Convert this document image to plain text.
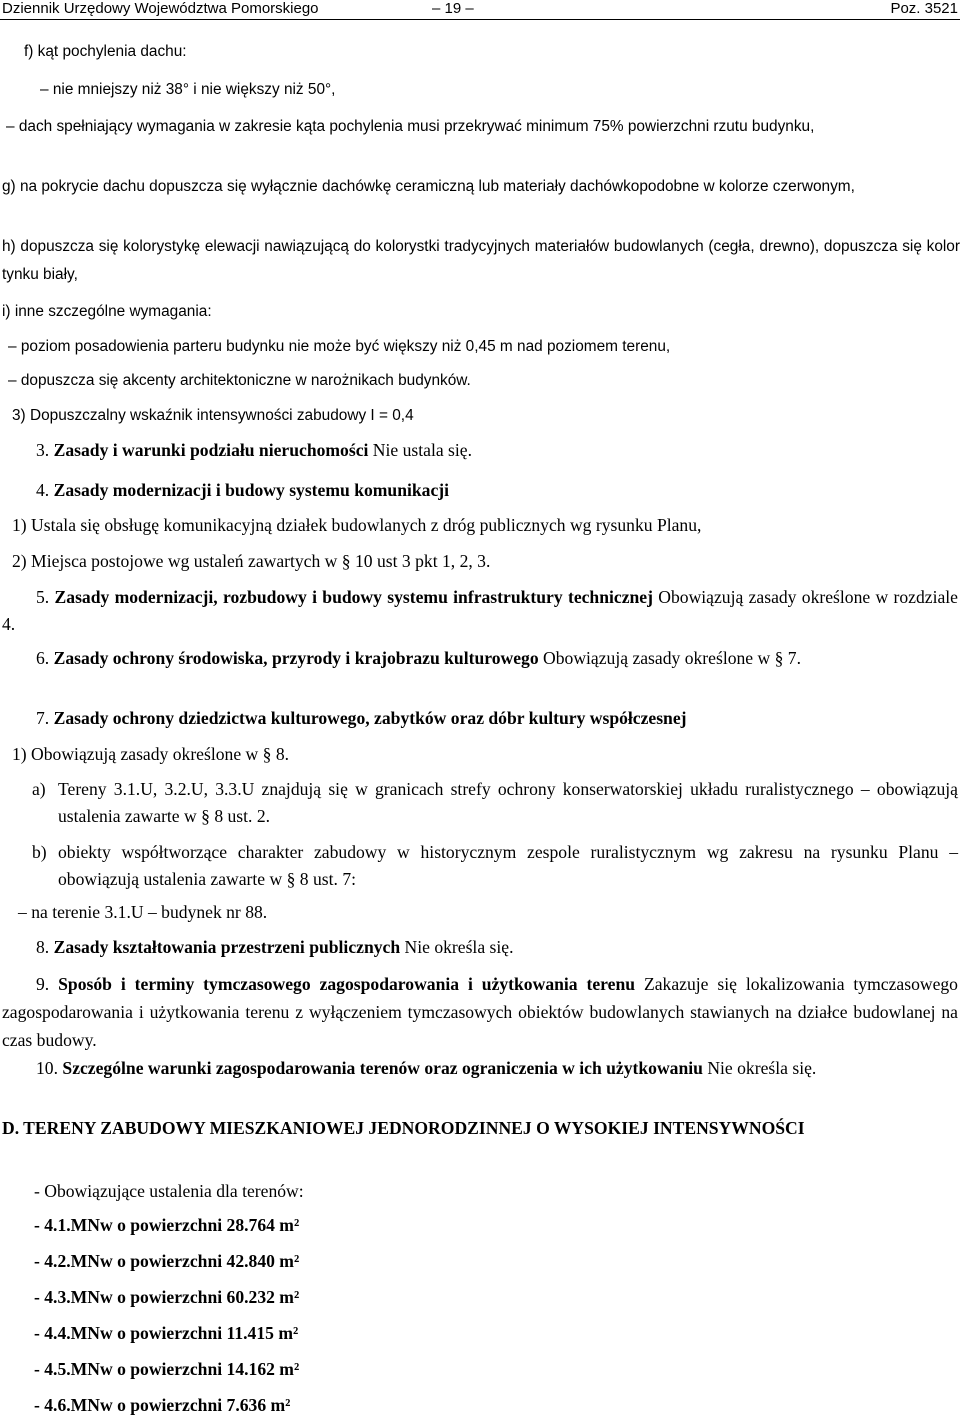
Dziennik Urzędowy Województwa Pomorskiego	– 19 –	Poz. 3521
f) kąt pochylenia dachu:
– nie mniejszy niż 38° i nie większy niż 50°,
– dach spełniający wymagania w zakresie kąta pochylenia musi przekrywać minimum 75% powierzchni rzutu budynku,
g) na pokrycie dachu dopuszcza się wyłącznie dachówkę ceramiczną lub materiały dachówkopodobne w kolorze czerwonym,
h) dopuszcza się kolorystykę elewacji nawiązującą do kolorystki tradycyjnych materiałów budowlanych (cegła, drewno), dopuszcza się kolor tynku biały,
i) inne szczególne wymagania:
– poziom posadowienia parteru budynku nie może być większy niż 0,45 m nad poziomem terenu,
– dopuszcza się akcenty architektoniczne w narożnikach budynków.
3) Dopuszczalny wskaźnik intensywności zabudowy I = 0,4
3. Zasady i warunki podziału nieruchomości Nie ustala się.
4. Zasady modernizacji i budowy systemu komunikacji
1) Ustala się obsługę komunikacyjną działek budowlanych z dróg publicznych wg rysunku Planu,
2) Miejsca postojowe wg ustaleń zawartych w § 10 ust 3 pkt 1, 2, 3.
5. Zasady modernizacji, rozbudowy i budowy systemu infrastruktury technicznej Obowiązują zasady określone w rozdziale 4.
6. Zasady ochrony środowiska, przyrody i krajobrazu kulturowego Obowiązują zasady określone w § 7.
7. Zasady ochrony dziedzictwa kulturowego, zabytków oraz dóbr kultury współczesnej
1) Obowiązują zasady określone w § 8.
a) Tereny 3.1.U, 3.2.U, 3.3.U znajdują się w granicach strefy ochrony konserwatorskiej układu ruralistycznego – obowiązują ustalenia zawarte w § 8 ust. 2.
b) obiekty współtworzące charakter zabudowy w historycznym zespole ruralistycznym wg zakresu na rysunku Planu – obowiązują ustalenia zawarte w § 8 ust. 7:
– na terenie 3.1.U – budynek nr 88.
8. Zasady kształtowania przestrzeni publicznych Nie określa się.
9. Sposób i terminy tymczasowego zagospodarowania i użytkowania terenu Zakazuje się lokalizowania tymczasowego zagospodarowania i użytkowania terenu z wyłączeniem tymczasowych obiektów budowlanych stawianych na działce budowlanej na czas budowy.
10. Szczególne warunki zagospodarowania terenów oraz ograniczenia w ich użytkowaniu Nie określa się.
D. TERENY ZABUDOWY MIESZKANIOWEJ JEDNORODZINNEJ O WYSOKIEJ INTENSYWNOŚCI
- Obowiązujące ustalenia dla terenów:
- 4.1.MNw o powierzchni 28.764 m²
- 4.2.MNw o powierzchni 42.840 m²
- 4.3.MNw o powierzchni 60.232 m²
- 4.4.MNw o powierzchni 11.415 m²
- 4.5.MNw o powierzchni 14.162 m²
- 4.6.MNw o powierzchni 7.636 m²
